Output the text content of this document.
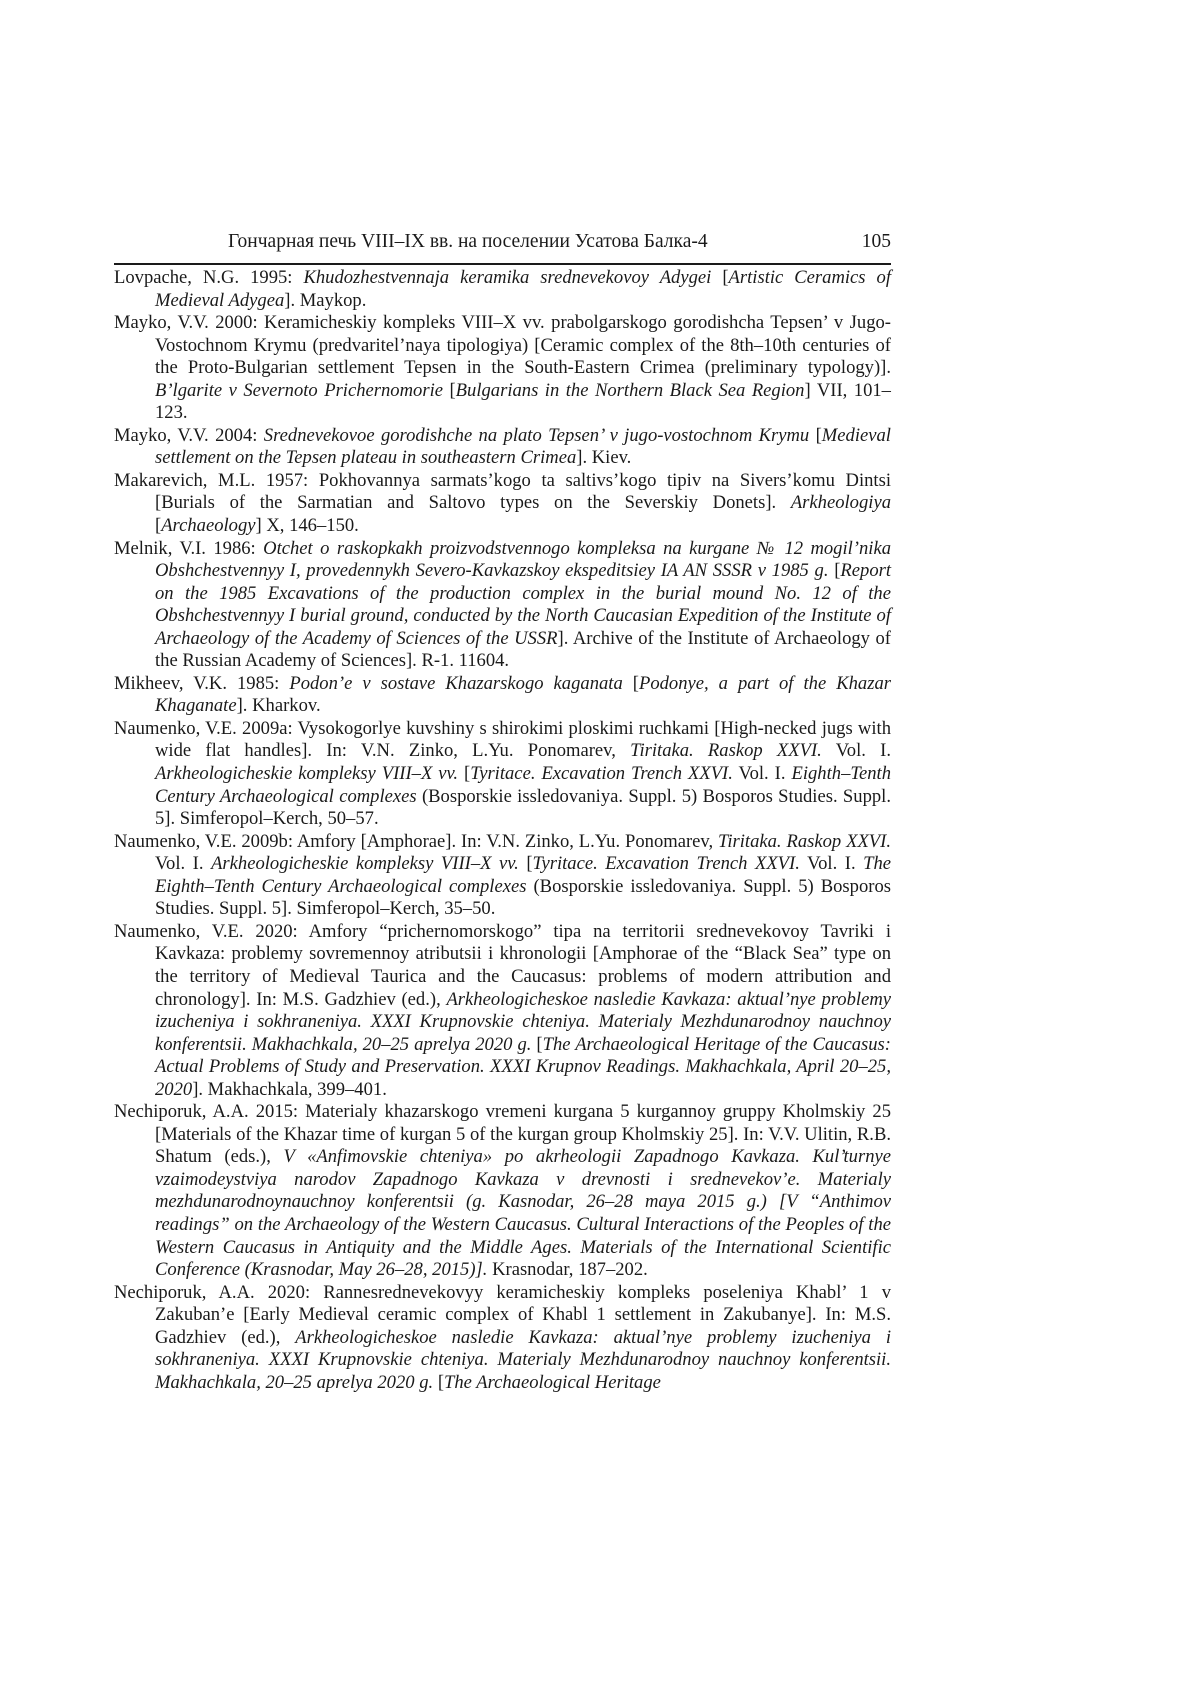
Гончарная печь VIII–IX вв. на поселении Усатова Балка-4	105
Lovpache, N.G. 1995: Khudozhestvennaja keramika srednevekovoy Adygei [Artistic Ceramics of Medieval Adygea]. Maykop.
Mayko, V.V. 2000: Keramicheskiy kompleks VIII–X vv. prabolgarskogo gorodishcha Tepsen’ v Jugo-Vostochnom Krymu (predvaritel’naya tipologiya) [Ceramic complex of the 8th–10th centuries of the Proto-Bulgarian settlement Tepsen in the South-Eastern Crimea (preliminary typology)]. B’lgarite v Severnoto Prichernomorie [Bulgarians in the Northern Black Sea Region] VII, 101–123.
Mayko, V.V. 2004: Srednevekovoe gorodishche na plato Tepsen’ v jugo-vostochnom Krymu [Medieval settlement on the Tepsen plateau in southeastern Crimea]. Kiev.
Makarevich, M.L. 1957: Pokhovannya sarmats’kogo ta saltivs’kogo tipiv na Sivers’komu Dintsi [Burials of the Sarmatian and Saltovo types on the Severskiy Donets]. Arkheologiya [Archaeology] X, 146–150.
Melnik, V.I. 1986: Otchet o raskopkakh proizvodstvennogo kompleksa na kurgane № 12 mogil’nika Obshchestvennyy I, provedennykh Severo-Kavkazskoy ekspeditsiey IA AN SSSR v 1985 g. [Report on the 1985 Excavations of the production complex in the burial mound No. 12 of the Obshchestvennyy I burial ground, conducted by the North Caucasian Expedition of the Institute of Archaeology of the Academy of Sciences of the USSR]. Archive of the Institute of Archaeology of the Russian Academy of Sciences]. R-1. 11604.
Mikheev, V.K. 1985: Podon’e v sostave Khazarskogo kaganata [Podonye, a part of the Khazar Khaganate]. Kharkov.
Naumenko, V.E. 2009a: Vysokogorlye kuvshiny s shirokimi ploskimi ruchkami [High-necked jugs with wide flat handles]. In: V.N. Zinko, L.Yu. Ponomarev, Tiritaka. Raskop XXVI. Vol. I. Arkheologicheskie kompleksy VIII–X vv. [Tyritace. Excavation Trench XXVI. Vol. I. Eighth–Tenth Century Archaeological complexes (Bosporskie issledovaniya. Suppl. 5) Bosporos Studies. Suppl. 5]. Simferopol–Kerch, 50–57.
Naumenko, V.E. 2009b: Amfory [Amphorae]. In: V.N. Zinko, L.Yu. Ponomarev, Tiritaka. Raskop XXVI. Vol. I. Arkheologicheskie kompleksy VIII–X vv. [Tyritace. Excavation Trench XXVI. Vol. I. The Eighth–Tenth Century Archaeological complexes (Bosporskie issledovaniya. Suppl. 5) Bosporos Studies. Suppl. 5]. Simferopol–Kerch, 35–50.
Naumenko, V.E. 2020: Amfory “prichernomorskogo” tipa na territorii srednevekovoy Tavriki i Kavkaza: problemy sovremennoy atributsii i khronologii [Amphorae of the “Black Sea” type on the territory of Medieval Taurica and the Caucasus: problems of modern attribution and chronology]. In: M.S. Gadzhiev (ed.), Arkheologicheskoe nasledie Kavkaza: aktual’nye problemy izucheniya i sokhraneniya. XXXI Krupnovskie chteniya. Materialy Mezhdunarodnoy nauchnoy konferentsii. Makhachkala, 20–25 aprelya 2020 g. [The Archaeological Heritage of the Caucasus: Actual Problems of Study and Preservation. XXXI Krupnov Readings. Makhachkala, April 20–25, 2020]. Makhachkala, 399–401.
Nechiporuk, A.A. 2015: Materialy khazarskogo vremeni kurgana 5 kurgannoy gruppy Kholmskiy 25 [Materials of the Khazar time of kurgan 5 of the kurgan group Kholmskiy 25]. In: V.V. Ulitin, R.B. Shatum (eds.), V «Anfimovskie chteniya» po akrheologii Zapadnogo Kavkaza. Kul’turnye vzaimodeystviya narodov Zapadnogo Kavkaza v drevnosti i srednevekov’e. Materialy mezhdunarodnoynauchnoy konferentsii (g. Kasnodar, 26–28 maya 2015 g.) [V “Anthimov readings” on the Archaeology of the Western Caucasus. Cultural Interactions of the Peoples of the Western Caucasus in Antiquity and the Middle Ages. Materials of the International Scientific Conference (Krasnodar, May 26–28, 2015)]. Krasnodar, 187–202.
Nechiporuk, A.A. 2020: Rannesrednevekovyy keramicheskiy kompleks poseleniya Khabl’ 1 v Zakuban’e [Early Medieval ceramic complex of Khabl 1 settlement in Zakubanye]. In: M.S. Gadzhiev (ed.), Arkheologicheskoe nasledie Kavkaza: aktual’nye problemy izucheniya i sokhraneniya. XXXI Krupnovskie chteniya. Materialy Mezhdunarodnoy nauchnoy konferentsii. Makhachkala, 20–25 aprelya 2020 g. [The Archaeological Heritage
